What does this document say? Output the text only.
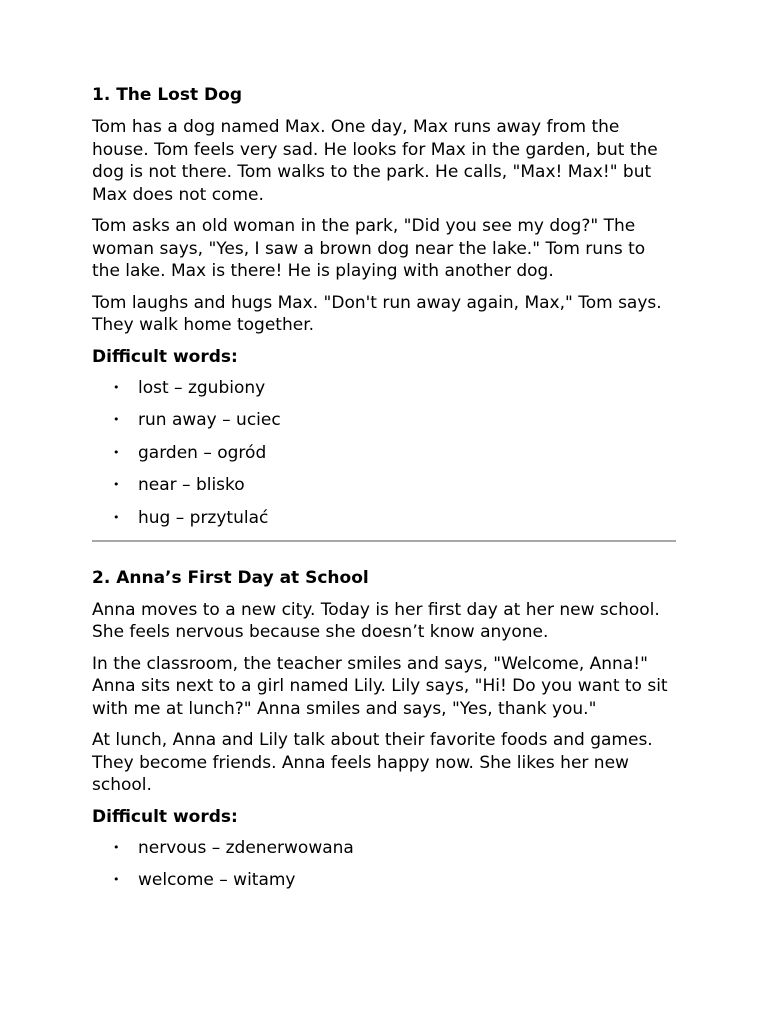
1. The Lost Dog

Tom has a dog named Max. One day, Max runs away from the house. Tom feels very sad. He looks for Max in the garden, but the dog is not there. Tom walks to the park. He calls, "Max! Max!" but Max does not come.

Tom asks an old woman in the park, "Did you see my dog?" The woman says, "Yes, I saw a brown dog near the lake." Tom runs to the lake. Max is there! He is playing with another dog.

Tom laughs and hugs Max. "Don't run away again, Max," Tom says. They walk home together.

Difficult words:
• lost – zgubiony
• run away – uciec
• garden – ogród
• near – blisko
• hug – przytulać
2. Anna’s First Day at School

Anna moves to a new city. Today is her first day at her new school. She feels nervous because she doesn’t know anyone.

In the classroom, the teacher smiles and says, "Welcome, Anna!" Anna sits next to a girl named Lily. Lily says, "Hi! Do you want to sit with me at lunch?" Anna smiles and says, "Yes, thank you."

At lunch, Anna and Lily talk about their favorite foods and games. They become friends. Anna feels happy now. She likes her new school.

Difficult words:
• nervous – zdenerwowana
• welcome – witamy
